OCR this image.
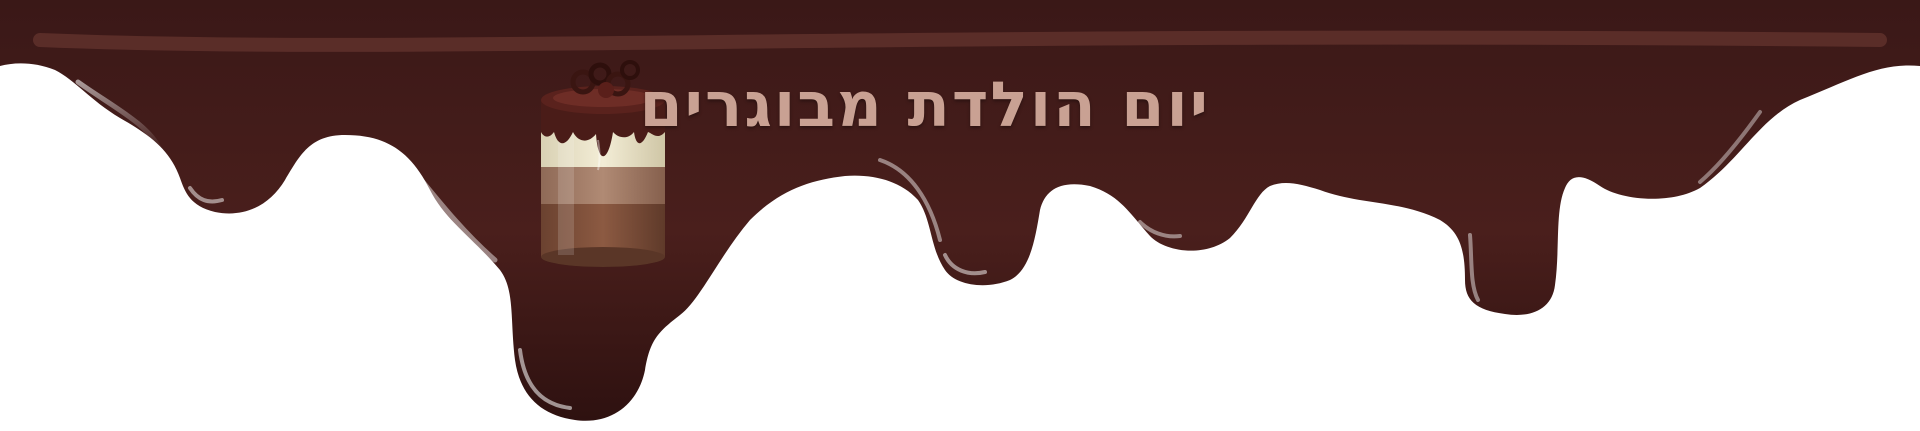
יום הולדת מבוגרים
